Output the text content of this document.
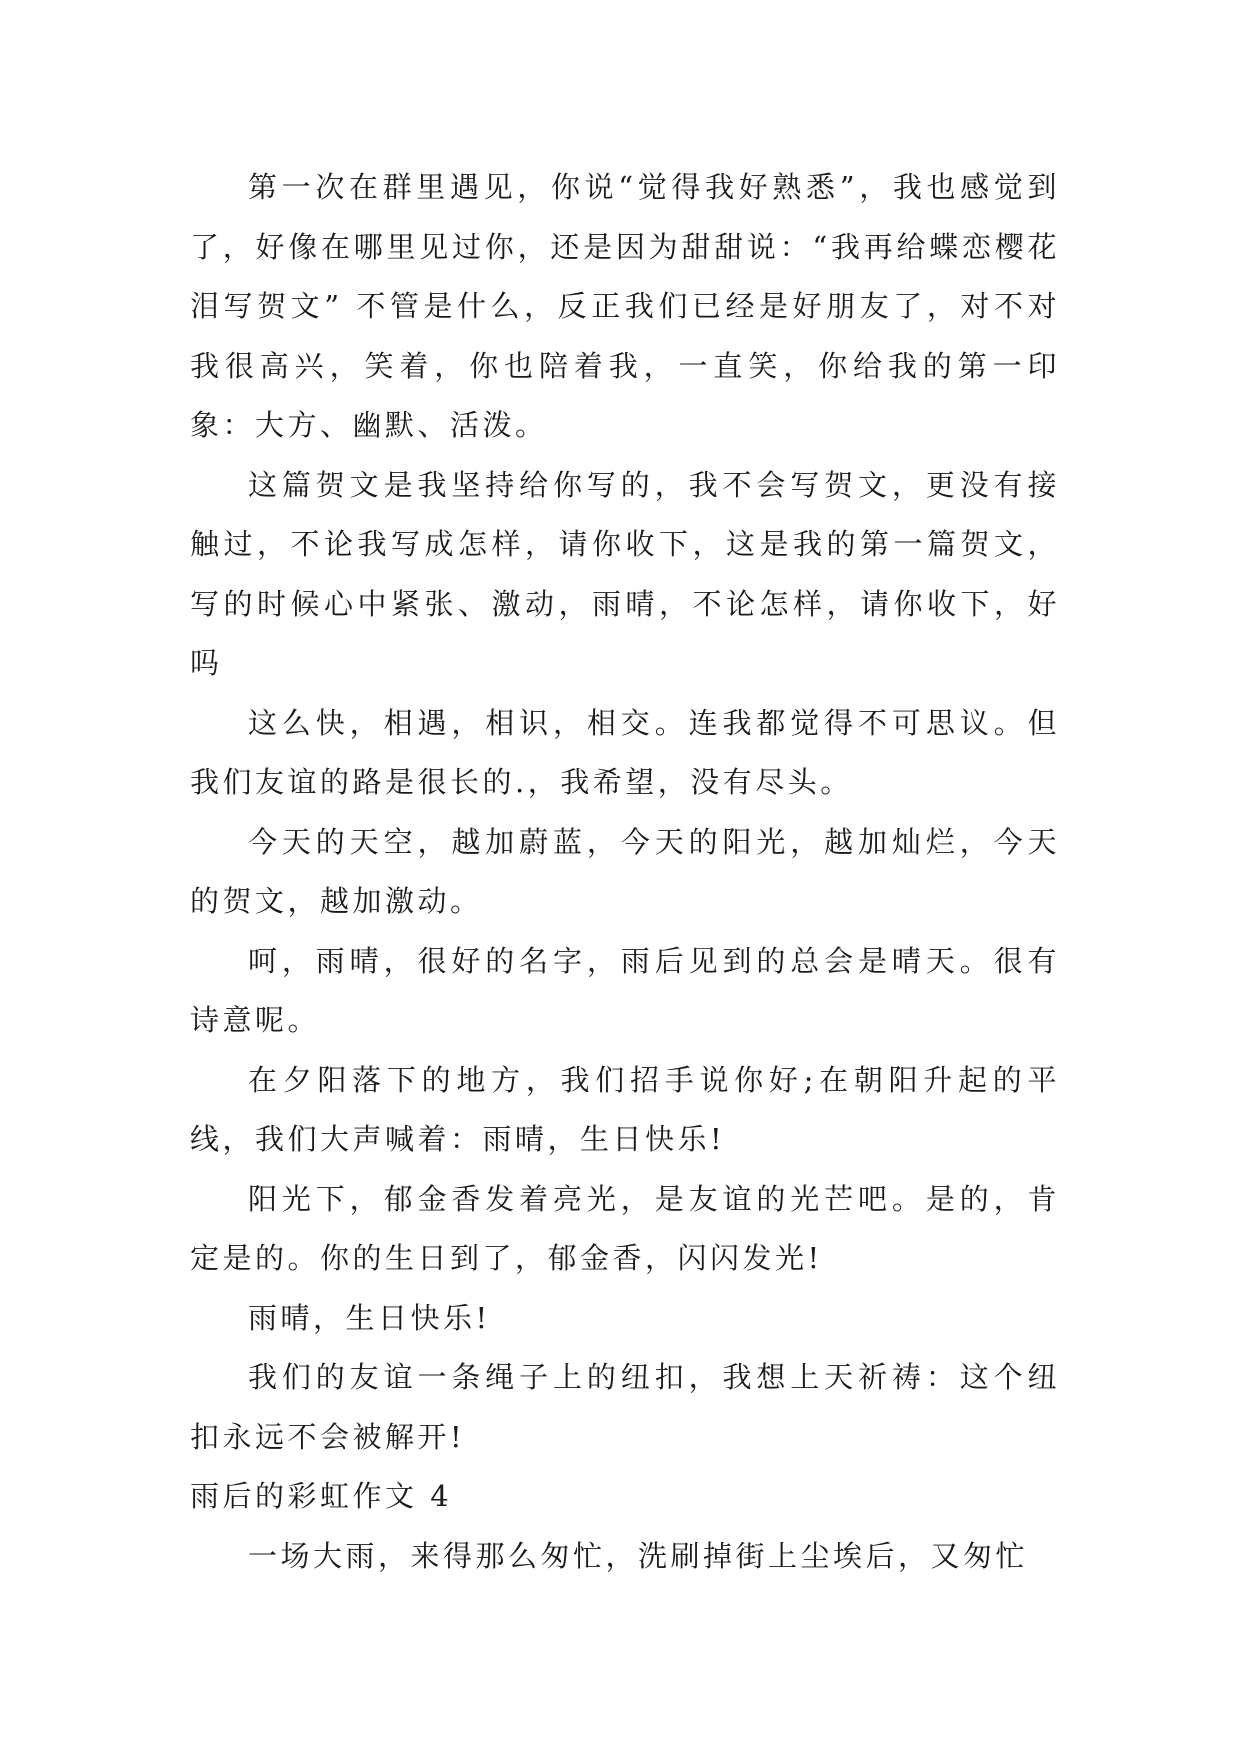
第一次在群里遇见，你说“觉得我好熟悉”，我也感觉到了，好像在哪里见过你，还是因为甜甜说：“我再给蝶恋樱花泪写贺文” 不管是什么，反正我们已经是好朋友了，对不对我很高兴，笑着，你也陪着我，一直笑，你给我的第一印象：大方、幽默、活泼。

这篇贺文是我坚持给你写的，我不会写贺文，更没有接触过，不论我写成怎样，请你收下，这是我的第一篇贺文，写的时候心中紧张、激动，雨晴，不论怎样，请你收下，好吗

这么快，相遇，相识，相交。连我都觉得不可思议。但我们友谊的路是很长的.，我希望，没有尽头。

今天的天空，越加蔚蓝，今天的阳光，越加灿烂，今天的贺文，越加激动。

呵，雨晴，很好的名字，雨后见到的总会是晴天。很有诗意呢。

在夕阳落下的地方，我们招手说你好;在朝阳升起的平线，我们大声喊着：雨晴，生日快乐!

阳光下，郁金香发着亮光，是友谊的光芒吧。是的，肯定是的。你的生日到了，郁金香，闪闪发光!

雨晴，生日快乐!

我们的友谊一条绳子上的纽扣，我想上天祈祷：这个纽扣永远不会被解开!

雨后的彩虹作文 4

一场大雨，来得那么匆忙，洗刷掉街上尘埃后，又匆忙
